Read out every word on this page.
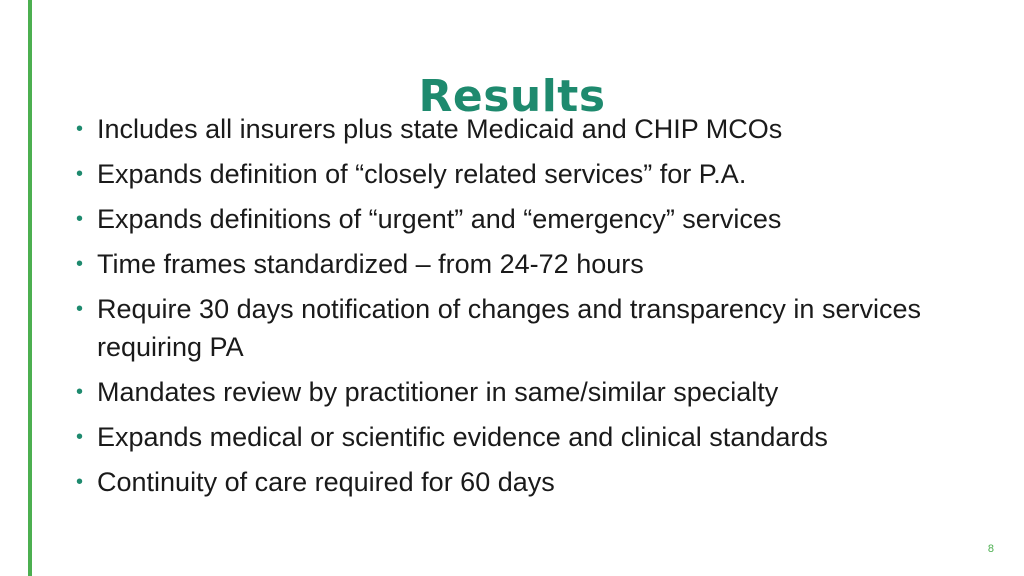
Results
• Includes all insurers plus state Medicaid and CHIP MCOs
• Expands definition of “closely related services” for P.A.
• Expands definitions of “urgent” and “emergency” services
• Time frames standardized – from 24-72 hours
• Require 30 days notification of changes and transparency in services requiring PA
• Mandates review by practitioner in same/similar specialty
• Expands medical or scientific evidence and clinical standards
• Continuity of care required for 60 days
8
